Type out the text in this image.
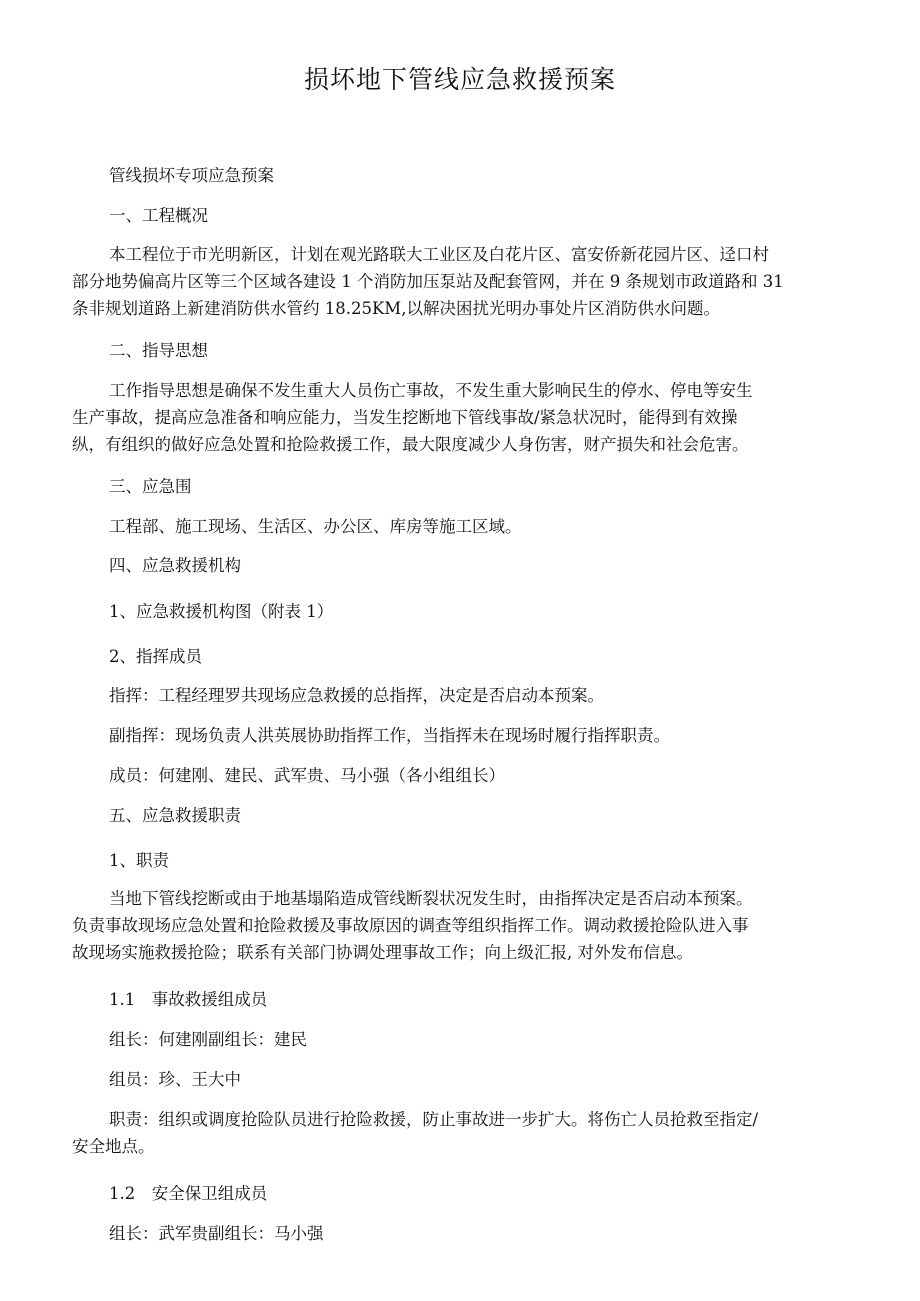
损坏地下管线应急救援预案

管线损坏专项应急预案

一、工程概况

本工程位于市光明新区，计划在观光路联大工业区及白花片区、富安侨新花园片区、迳口村
部分地势偏高片区等三个区域各建设 1 个消防加压泵站及配套管网，并在 9 条规划市政道路和 31
条非规划道路上新建消防供水管约 18.25KM,以解决困扰光明办事处片区消防供水问题。

二、指导思想

工作指导思想是确保不发生重大人员伤亡事故，不发生重大影响民生的停水、停电等安生
生产事故，提高应急准备和响应能力，当发生挖断地下管线事故/紧急状况时，能得到有效操
纵，有组织的做好应急处置和抢险救援工作，最大限度减少人身伤害，财产损失和社会危害。

三、应急围

工程部、施工现场、生活区、办公区、库房等施工区域。

四、应急救援机构

1、应急救援机构图（附表 1）

2、指挥成员

指挥：工程经理罗共现场应急救援的总指挥，决定是否启动本预案。

副指挥：现场负责人洪英展协助指挥工作，当指挥未在现场时履行指挥职责。

成员：何建刚、建民、武军贵、马小强（各小组组长）

五、应急救援职责

1、职责

当地下管线挖断或由于地基塌陷造成管线断裂状况发生时，由指挥决定是否启动本预案。
负责事故现场应急处置和抢险救援及事故原因的调查等组织指挥工作。调动救援抢险队进入事
故现场实施救援抢险；联系有关部门协调处理事故工作；向上级汇报, 对外发布信息。

1.1　事故救援组成员

组长：何建刚副组长：建民

组员：珍、王大中

职责：组织或调度抢险队员进行抢险救援，防止事故进一步扩大。将伤亡人员抢救至指定/
安全地点。

1.2　安全保卫组成员

组长：武军贵副组长：马小强
